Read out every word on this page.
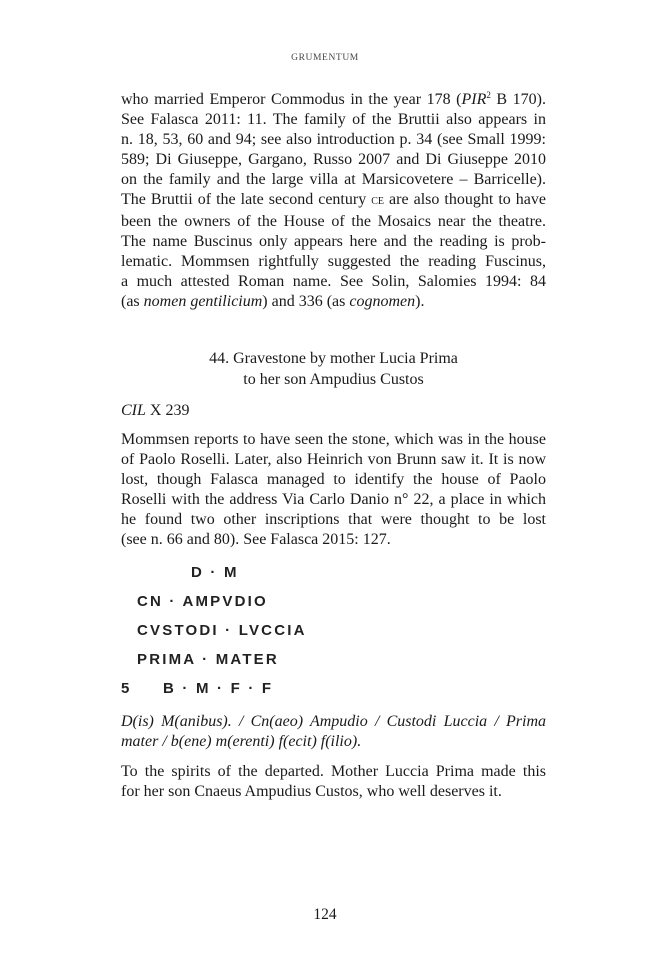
GRUMENTUM
who married Emperor Commodus in the year 178 (PIR$^2$ B 170).
See Falasca 2011: 11. The family of the Bruttii also appears in
n. 18, 53, 60 and 94; see also introduction p. 34 (see Small 1999:
589; Di Giuseppe, Gargano, Russo 2007 and Di Giuseppe 2010
on the family and the large villa at Marsicovetere – Barricelle).
The Bruttii of the late second century ce are also thought to have
been the owners of the House of the Mosaics near the theatre.
The name Buscinus only appears here and the reading is prob-
lematic. Mommsen rightfully suggested the reading Fuscinus,
a much attested Roman name. See Solin, Salomies 1994: 84
(as nomen gentilicium) and 336 (as cognomen).
44. Gravestone by mother Lucia Prima
to her son Ampudius Custos
CIL X 239
Mommsen reports to have seen the stone, which was in the house
of Paolo Roselli. Later, also Heinrich von Brunn saw it. It is now
lost, though Falasca managed to identify the house of Paolo
Roselli with the address Via Carlo Danio n° 22, a place in which
he found two other inscriptions that were thought to be lost
(see n. 66 and 80). See Falasca 2015: 127.
D · M
CN · AMPVDIO
CVSTODI · LVCCIA
PRIMA · MATER
5 B · M · F · F
D(is) M(anibus). / Cn(aeo) Ampudio / Custodi Luccia / Prima
mater / b(ene) m(erenti) f(ecit) f(ilio).
To the spirits of the departed. Mother Luccia Prima made this
for her son Cnaeus Ampudius Custos, who well deserves it.
124
